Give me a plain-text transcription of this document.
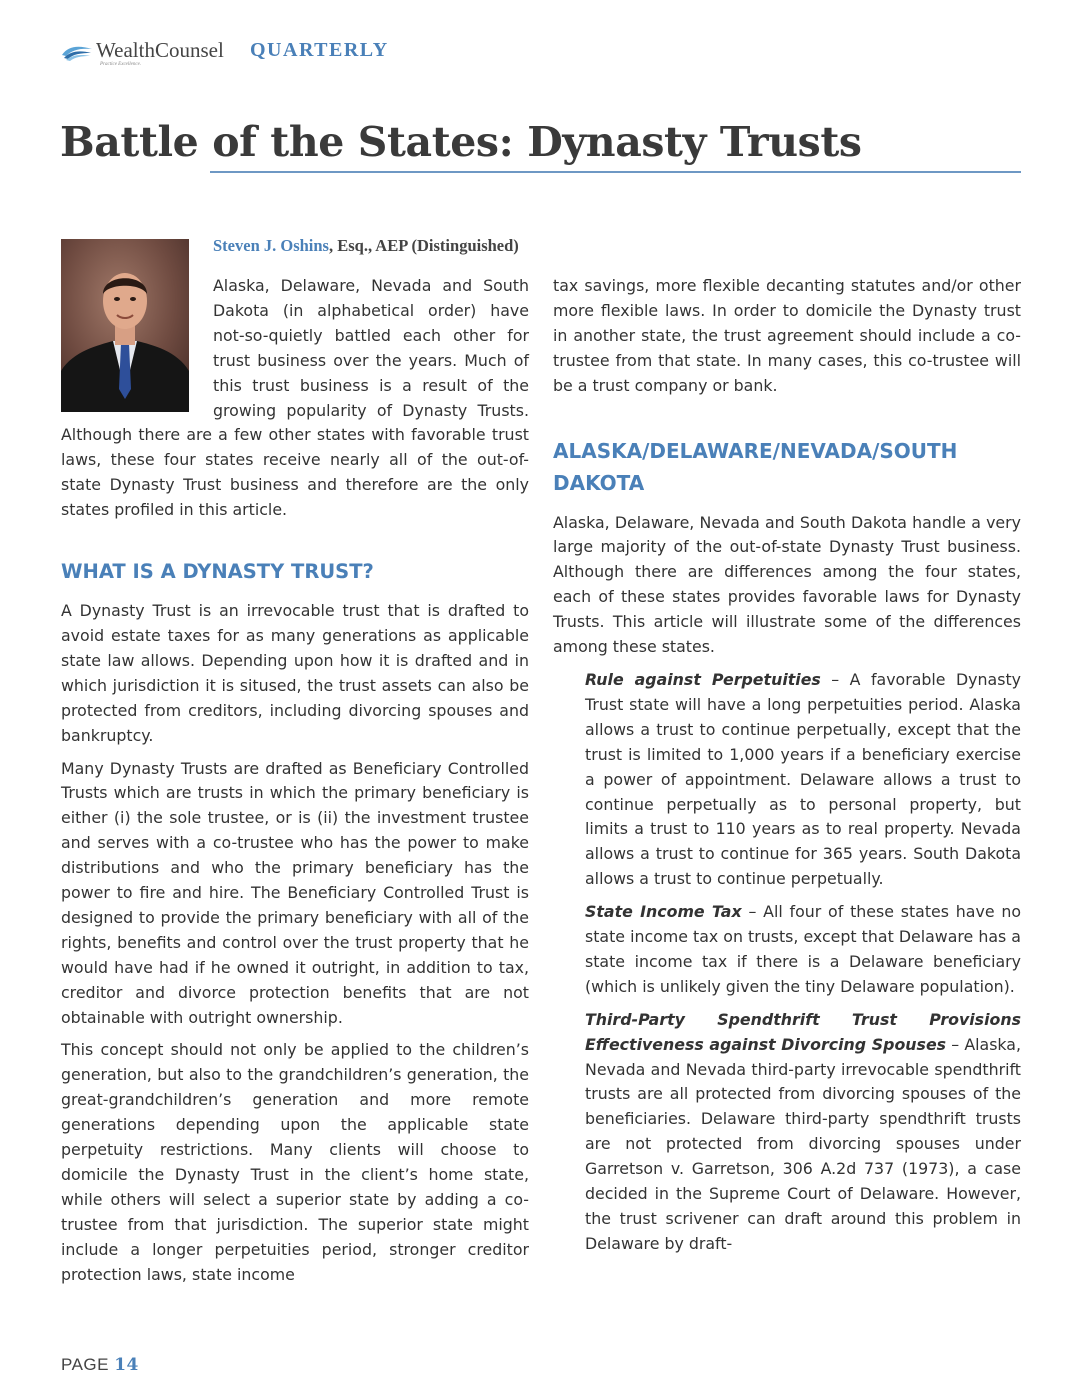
WealthCounsel
Practice Excellence.
QUARTERLY
Battle of the States: Dynasty Trusts
Steven J. Oshins, Esq., AEP (Distinguished)

Alaska, Delaware, Nevada and South Dakota (in alphabetical order) have not-so-quietly battled each other for trust business over the years. Much of this trust business is a result of the growing popularity of Dynasty Trusts. Although there are a few other states with favorable trust laws, these four states receive nearly all of the out-of-state Dynasty Trust business and therefore are the only states profiled in this article.

WHAT IS A DYNASTY TRUST?

A Dynasty Trust is an irrevocable trust that is drafted to avoid estate taxes for as many generations as applicable state law allows. Depending upon how it is drafted and in which jurisdiction it is sitused, the trust assets can also be protected from creditors, including divorcing spouses and bankruptcy.

Many Dynasty Trusts are drafted as Beneficiary Controlled Trusts which are trusts in which the primary beneficiary is either (i) the sole trustee, or is (ii) the investment trustee and serves with a co-trustee who has the power to make distributions and who the primary beneficiary has the power to fire and hire. The Beneficiary Controlled Trust is designed to provide the primary beneficiary with all of the rights, benefits and control over the trust property that he would have had if he owned it outright, in addition to tax, creditor and divorce protection benefits that are not obtainable with outright ownership.

This concept should not only be applied to the children’s generation, but also to the grandchildren’s generation, the great-grandchildren’s generation and more remote generations depending upon the applicable state perpetuity restrictions. Many clients will choose to domicile the Dynasty Trust in the client’s home state, while others will select a superior state by adding a co-trustee from that jurisdiction. The superior state might include a longer perpetuities period, stronger creditor protection laws, state income

tax savings, more flexible decanting statutes and/or other more flexible laws. In order to domicile the Dynasty trust in another state, the trust agreement should include a co-trustee from that state. In many cases, this co-trustee will be a trust company or bank.

ALASKA/DELAWARE/NEVADA/SOUTH DAKOTA

Alaska, Delaware, Nevada and South Dakota handle a very large majority of the out-of-state Dynasty Trust business. Although there are differences among the four states, each of these states provides favorable laws for Dynasty Trusts. This article will illustrate some of the differences among these states.

Rule against Perpetuities – A favorable Dynasty Trust state will have a long perpetuities period. Alaska allows a trust to continue perpetually, except that the trust is limited to 1,000 years if a beneficiary exercise a power of appointment. Delaware allows a trust to continue perpetually as to personal property, but limits a trust to 110 years as to real property. Nevada allows a trust to continue for 365 years. South Dakota allows a trust to continue perpetually.

State Income Tax – All four of these states have no state income tax on trusts, except that Delaware has a state income tax if there is a Delaware beneficiary (which is unlikely given the tiny Delaware population).

Third-Party Spendthrift Trust Provisions Effectiveness against Divorcing Spouses – Alaska, Nevada and Nevada third-party irrevocable spendthrift trusts are all protected from divorcing spouses of the beneficiaries. Delaware third-party spendthrift trusts are not protected from divorcing spouses under Garretson v. Garretson, 306 A.2d 737 (1973), a case decided in the Supreme Court of Delaware. However, the trust scrivener can draft around this problem in Delaware by draft-

PAGE 14
